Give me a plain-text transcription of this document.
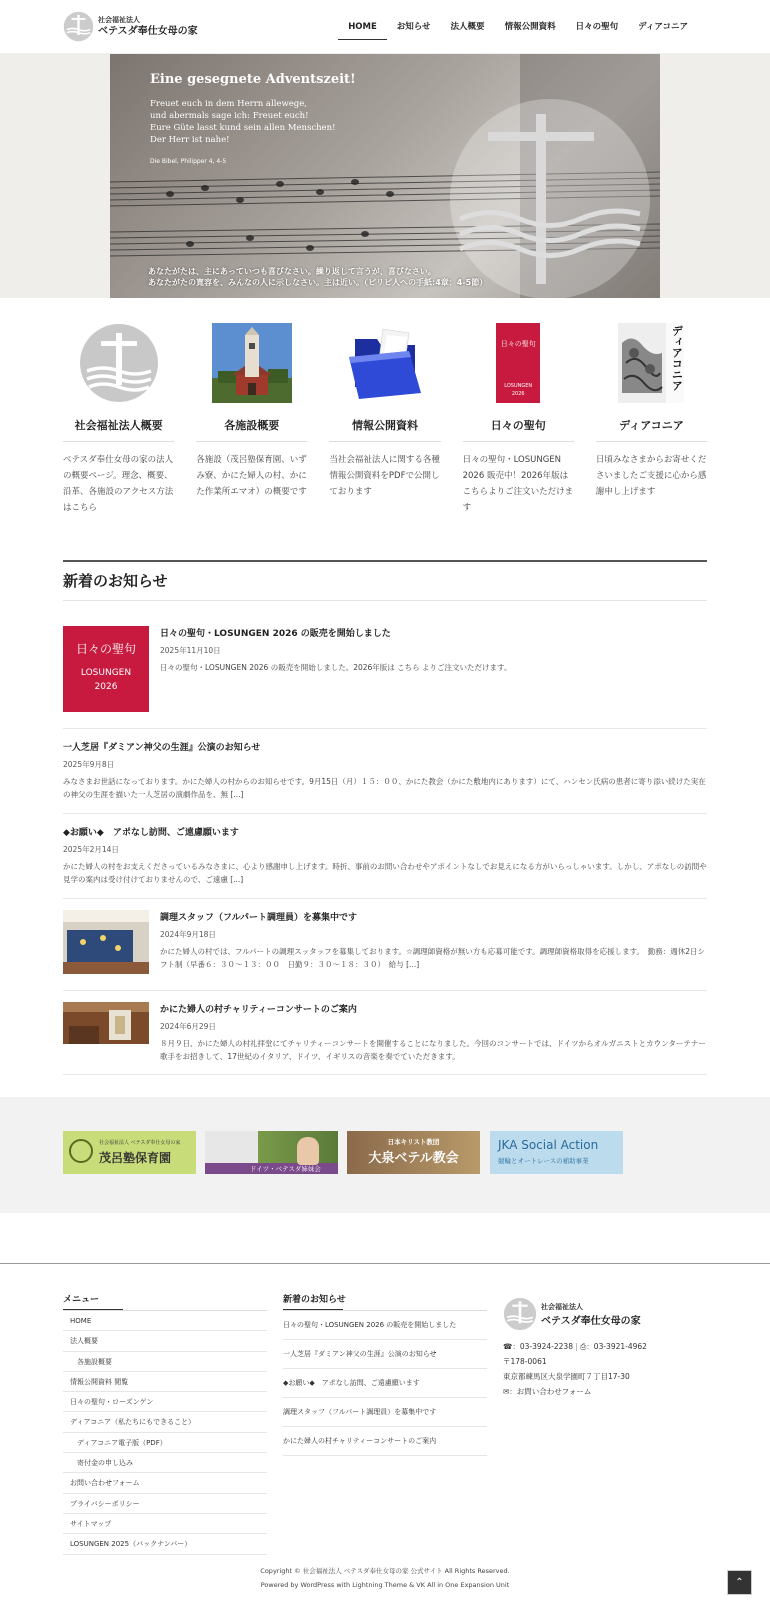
社会福祉法人
ベテスダ奉仕女母の家	HOME	お知らせ	法人概要	情報公開資料	日々の聖句	ディアコニア
Eine gesegnete Adventszeit!
Freuet euch in dem Herrn allewege,
und abermals sage ich: Freuet euch!
Eure Güte lasst kund sein allen Menschen!
Der Herr ist nahe!
Die Bibel, Philipper 4, 4-5
あなたがたは、主にあっていつも喜びなさい。繰り返して言うが、喜びなさい。
あなたがたの寛容を、みんなの人に示しなさい。主は近い。（ピリピ人への手紙:4章：4-5節）
社会福祉法人概要
ベテスダ奉仕女母の家の法人の概要ページ。理念、概要、沿革、各施設のアクセス方法はこちら
各施設概要
各施設（茂呂塾保育園、いずみ寮、かにた婦人の村、かにた作業所エマオ）の概要です
情報公開資料
当社会福祉法人に関する各種情報公開資料をPDFで公開しております
日々の聖句
LOSUNGEN
2026
日々の聖句
日々の聖句・LOSUNGEN 2026 販売中！2026年版はこちらよりご注文いただけます
ディアコニア
ディアコニア
日頃みなさまからお寄せくださいましたご支援に心から感謝申し上げます
新着のお知らせ
日々の聖句
LOSUNGEN
2026
日々の聖句・LOSUNGEN 2026 の販売を開始しました
2025年11月10日
日々の聖句・LOSUNGEN 2026 の販売を開始しました。2026年版は こちら よりご注文いただけます。
一人芝居『ダミアン神父の生涯』公演のお知らせ
2025年9月8日
みなさまお世話になっております。かにた婦人の村からのお知らせです。9月15日（月）１５：００、かにた教会（かにた敷地内にあります）にて、ハンセン氏病の患者に寄り添い続けた実在の神父の生涯を描いた一人芝居の演劇作品を、無 [...]
◆お願い◆　アポなし訪問、ご遠慮願います
2025年2月14日
かにた婦人の村をお支えくださっているみなさまに、心より感謝申し上げます。時折、事前のお問い合わせやアポイントなしでお見えになる方がいらっしゃいます。しかし、アポなしの訪問や見学の案内は受け付けておりませんので、ご遠慮 [...]
調理スタッフ（フルパート調理員）を募集中です
2024年9月18日
かにた婦人の村では、フルパートの調理スッタッフを募集しております。☆調理師資格が無い方も応募可能です。調理師資格取得を応援します。　勤務：週休2日シフト制（早番６：３０〜１３：００　日勤９：３０〜１８：３０）　給与 [...]
かにた婦人の村チャリティーコンサートのご案内
2024年6月29日
８月９日、かにた婦人の村礼拝堂にてチャリティーコンサートを開催することになりました。今回のコンサートでは、ドイツからオルガニストとカウンターテナー歌手をお招きして、17世紀のイタリア、ドイツ、イギリスの音楽を奏でていただきます。
社会福祉法人 ベテスダ奉仕女母の家
茂呂塾保育園
ドイツ・ベテスダ姉妹会
日本キリスト教団
大泉ベテル教会
JKA Social Action
競輪とオートレースの補助事業
メニュー
HOME
法人概要
各施設概要
情報公開資料 閲覧
日々の聖句・ローズンゲン
ディアコニア（私たちにもできること）
ディアコニア電子版（PDF）
寄付金の申し込み
お問い合わせフォーム
プライバシーポリシー
サイトマップ
LOSUNGEN 2025（バックナンバー）
新着のお知らせ
日々の聖句・LOSUNGEN 2026 の販売を開始しました
一人芝居『ダミアン神父の生涯』公演のお知らせ
◆お願い◆　アポなし訪問、ご遠慮願います
調理スタッフ（フルパート調理員）を募集中です
かにた婦人の村チャリティーコンサートのご案内
社会福祉法人
ベテスダ奉仕女母の家
☎：03-3924-2238 | ⎙：03-3921-4962
〒178-0061
東京都練馬区大泉学園町７丁目17-30
✉：お問い合わせフォーム
Copyright © 社会福祉法人 ベテスダ奉仕女母の家 公式サイト All Rights Reserved.
Powered by WordPress with Lightning Theme & VK All in One Expansion Unit	⌃
